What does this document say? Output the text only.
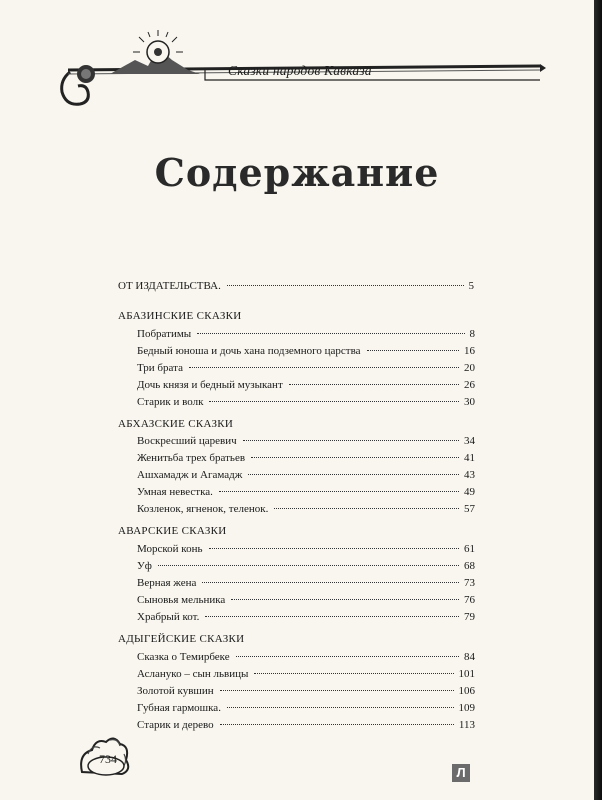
Сказки народов Кавказа
Содержание
ОТ ИЗДАТЕЛЬСТВА.	5
АБАЗИНСКИЕ СКАЗКИ
Побратимы	8
Бедный юноша и дочь хана подземного царства	16
Три брата	20
Дочь князя и бедный музыкант	26
Старик и волк	30
АБХАЗСКИЕ СКАЗКИ
Воскресший царевич	34
Женитьба трех братьев	41
Ашхамадж и Агамадж	43
Умная невестка.	49
Козленок, ягненок, теленок.	57
АВАРСКИЕ СКАЗКИ
Морской конь	61
Уф	68
Верная жена	73
Сыновья мельника	76
Храбрый кот.	79
АДЫГЕЙСКИЕ СКАЗКИ
Сказка о Темирбеке	84
Аслануко – сын львицы	101
Золотой кувшин	106
Губная гармошка.	109
Старик и дерево	113
734
Л
